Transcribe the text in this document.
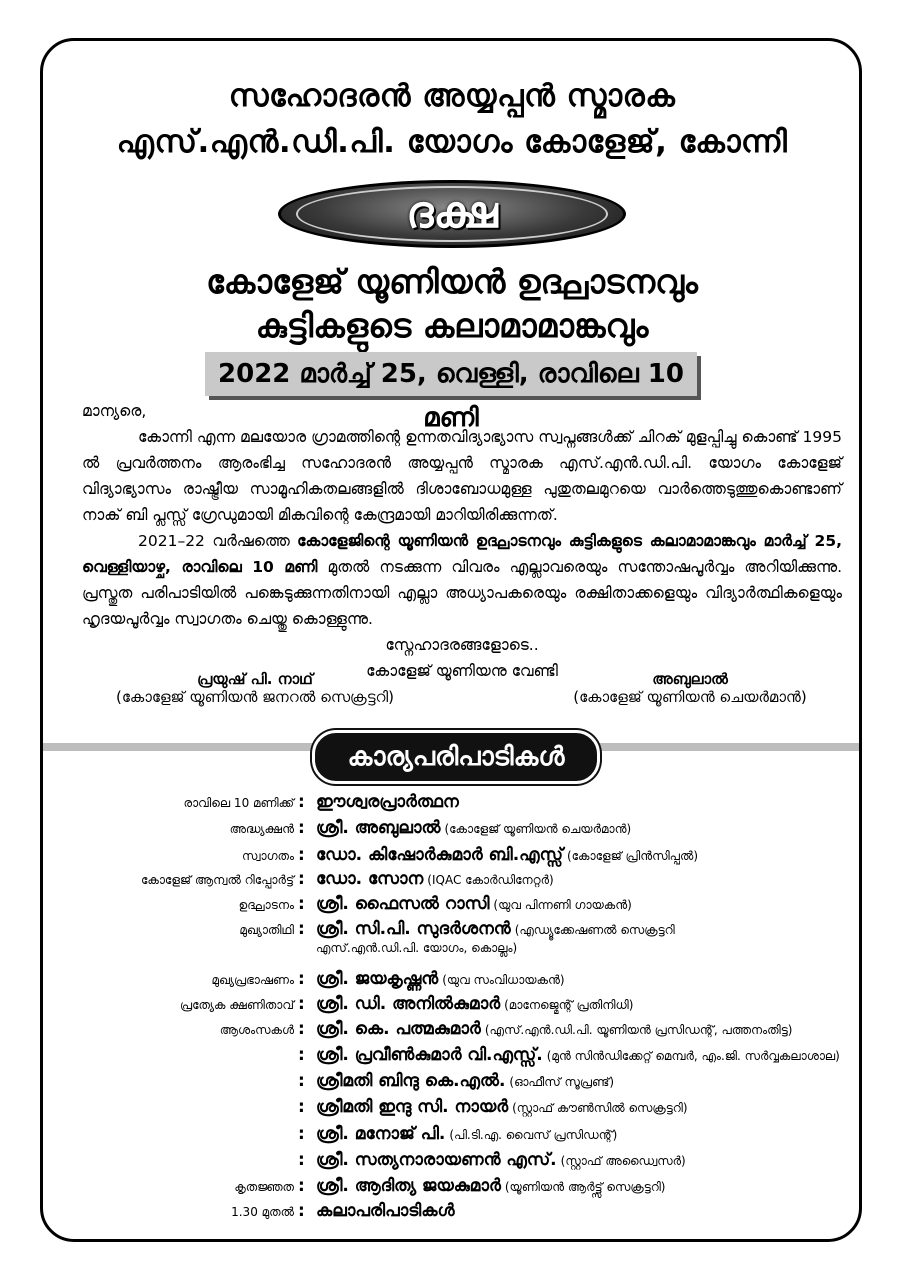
സഹോദരൻ അയ്യപ്പൻ സ്മാരക
എസ്.എൻ.ഡി.പി. യോഗം കോളേജ്, കോന്നി
ദക്ഷ
കോളേജ് യൂണിയൻ ഉദ്ഘാടനവും
കുട്ടികളുടെ കലാമാമാങ്കവും
2022 മാർച്ച് 25, വെള്ളി, രാവിലെ 10 മണി

മാന്യരെ,

കോന്നി എന്ന മലയോര ഗ്രാമത്തിന്റെ ഉന്നതവിദ്യാഭ്യാസ സ്വപ്നങ്ങൾക്ക് ചിറക് മുളപ്പിച്ചു കൊണ്ട് 1995 ൽ പ്രവർത്തനം ആരംഭിച്ച സഹോദരൻ അയ്യപ്പൻ സ്മാരക എസ്.എൻ.ഡി.പി. യോഗം കോളേജ് വിദ്യാഭ്യാസം രാഷ്ട്രീയ സാമൂഹികതലങ്ങളിൽ ദിശാബോധമുള്ള പുതുതലമുറയെ വാർത്തെടുത്തുകൊണ്ടാണ് നാക് ബി പ്ലസ്സ് ഗ്രേഡുമായി മികവിന്റെ കേന്ദ്രമായി മാറിയിരിക്കുന്നത്.

2021–22 വർഷത്തെ കോളേജിന്റെ യൂണിയൻ ഉദ്ഘാടനവും കുട്ടികളുടെ കലാമാമാങ്കവും മാർച്ച് 25, വെള്ളിയാഴ്ച, രാവിലെ 10 മണി മുതൽ നടക്കുന്ന വിവരം എല്ലാവരെയും സന്തോഷപൂർവ്വം അറിയിക്കുന്നു. പ്രസ്തുത പരിപാടിയിൽ പങ്കെടുക്കുന്നതിനായി എല്ലാ അധ്യാപകരെയും രക്ഷിതാക്കളെയും വിദ്യാർത്ഥികളെയും ഹൃദയപൂർവ്വം സ്വാഗതം ചെയ്തു കൊള്ളുന്നു.

സ്നേഹാദരങ്ങളോടെ..

കോളേജ് യൂണിയനു വേണ്ടി

പ്രയുഷ് പി. നാഥ്
(കോളേജ് യൂണിയൻ ജനറൽ സെക്രട്ടറി)
അബുലാൽ
(കോളേജ് യൂണിയൻ ചെയർമാൻ)
കാര്യപരിപാടികൾ
രാവിലെ 10 മണിക്ക് : ഈശ്വരപ്രാർത്ഥന
അദ്ധ്യക്ഷൻ : ശ്രീ. അബുലാൽ (കോളേജ് യൂണിയൻ ചെയർമാൻ)
സ്വാഗതം : ഡോ. കിഷോർകുമാർ ബി.എസ്സ് (കോളേജ് പ്രിൻസിപ്പൽ)
കോളേജ് ആന്വൽ റിപ്പോർട്ട് : ഡോ. സോന (IQAC കോർഡിനേറ്റർ)
ഉദ്ഘാടനം : ശ്രീ. ഫൈസൽ റാസി (യുവ പിന്നണി ഗായകൻ)
മുഖ്യാതിഥി : ശ്രീ. സി.പി. സുദർശനൻ (എഡ്യൂക്കേഷണൽ സെക്രട്ടറി
എസ്.എൻ.ഡി.പി. യോഗം, കൊല്ലം)
മുഖ്യപ്രഭാഷണം : ശ്രീ. ജയകൃഷ്ണൻ (യുവ സംവിധായകൻ)
പ്രത്യേക ക്ഷണിതാവ് : ശ്രീ. ഡി. അനിൽകുമാർ (മാനേജ്മെന്റ് പ്രതിനിധി)
ആശംസകൾ : ശ്രീ. കെ. പത്മകുമാർ (എസ്.എൻ.ഡി.പി. യൂണിയൻ പ്രസിഡന്റ്, പത്തനംതിട്ട)
: ശ്രീ. പ്രവീൺകുമാർ വി.എസ്സ്. (മുൻ സിൻഡിക്കേറ്റ് മെമ്പർ, എം.ജി. സർവ്വകലാശാല)
: ശ്രീമതി ബിന്ദു കെ.എൽ. (ഓഫീസ് സൂപ്രണ്ട്)
: ശ്രീമതി ഇന്ദു സി. നായർ (സ്റ്റാഫ് കൗൺസിൽ സെക്രട്ടറി)
: ശ്രീ. മനോജ് പി. (പി.ടി.എ. വൈസ് പ്രസിഡന്റ്)
: ശ്രീ. സത്യനാരായണൻ എസ്. (സ്റ്റാഫ് അഡ്വൈസർ)
കൃതജ്ഞത : ശ്രീ. ആദിത്യ ജയകുമാർ (യൂണിയൻ ആർട്ട്സ് സെക്രട്ടറി)
1.30 മുതൽ : കലാപരിപാടികൾ
